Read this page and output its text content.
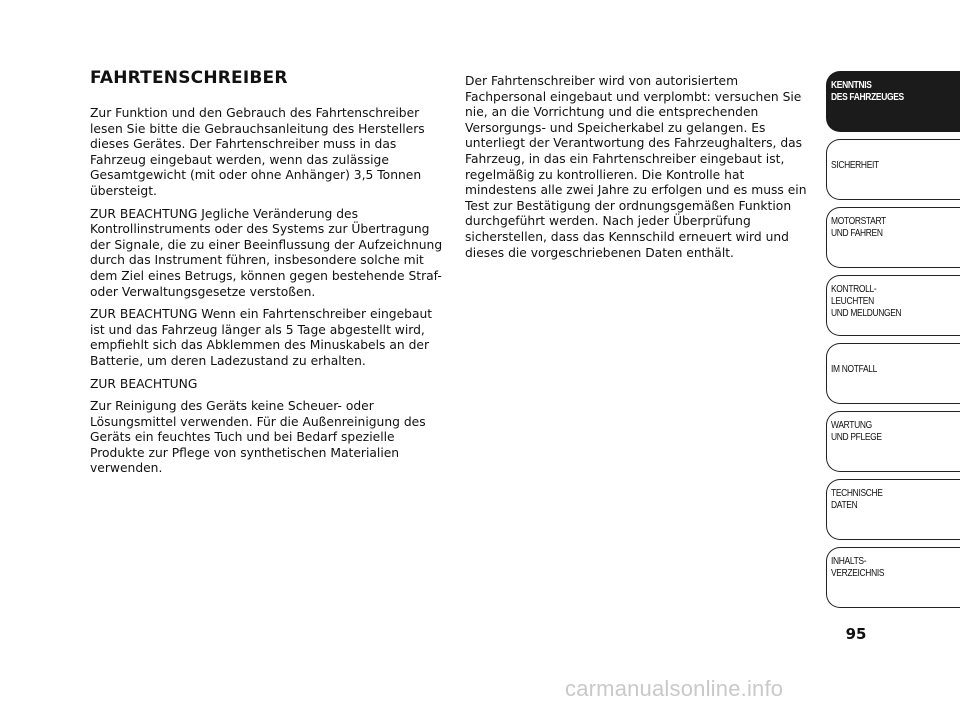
FAHRTENSCHREIBER

Zur Funktion und den Gebrauch des Fahrtenschreiber lesen Sie bitte die Gebrauchsanleitung des Herstellers dieses Gerätes. Der Fahrtenschreiber muss in das Fahrzeug eingebaut werden, wenn das zulässige Gesamtgewicht (mit oder ohne Anhänger) 3,5 Tonnen übersteigt.

ZUR BEACHTUNG Jegliche Veränderung des Kontrollinstruments oder des Systems zur Übertragung der Signale, die zu einer Beeinflussung der Aufzeichnung durch das Instrument führen, insbesondere solche mit dem Ziel eines Betrugs, können gegen bestehende Straf- oder Verwaltungsgesetze verstoßen.

ZUR BEACHTUNG Wenn ein Fahrtenschreiber eingebaut ist und das Fahrzeug länger als 5 Tage abgestellt wird, empfiehlt sich das Abklemmen des Minuskabels an der Batterie, um deren Ladezustand zu erhalten.

ZUR BEACHTUNG

Zur Reinigung des Geräts keine Scheuer- oder Lösungsmittel verwenden. Für die Außenreinigung des Geräts ein feuchtes Tuch und bei Bedarf spezielle Produkte zur Pflege von synthetischen Materialien verwenden.

Der Fahrtenschreiber wird von autorisiertem Fachpersonal eingebaut und verplombt: versuchen Sie nie, an die Vorrichtung und die entsprechenden Versorgungs- und Speicherkabel zu gelangen. Es unterliegt der Verantwortung des Fahrzeughalters, das Fahrzeug, in das ein Fahrtenschreiber eingebaut ist, regelmäßig zu kontrollieren. Die Kontrolle hat mindestens alle zwei Jahre zu erfolgen und es muss ein Test zur Bestätigung der ordnungsgemäßen Funktion durchgeführt werden. Nach jeder Überprüfung sicherstellen, dass das Kennschild erneuert wird und dieses die vorgeschriebenen Daten enthält.

KENNTNIS
DES FAHRZEUGES
SICHERHEIT
MOTORSTART
UND FAHREN
KONTROLL-
LEUCHTEN
UND MELDUNGEN
IM NOTFALL
WARTUNG
UND PFLEGE
TECHNISCHE
DATEN
INHALTS-
VERZEICHNIS
95
carmanualsonline.info
